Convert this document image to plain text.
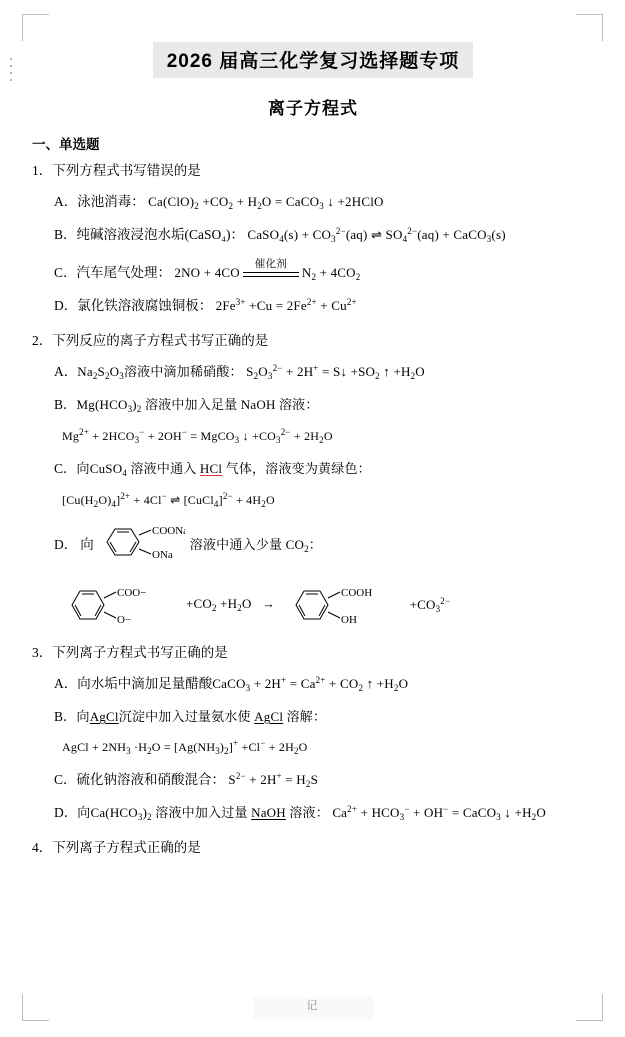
2026 届高三化学复习选择题专项
离子方程式
一、单选题
1．下列方程式书写错误的是
A．泳池消毒： $Ca(ClO)_2 +CO_2 + H_2O$ = CaCO$_3$ ↓ +2HClO
B．纯碱溶液浸泡水垢(CaSO₄)： CaSO$_4$(s) + $CO_3^{2-}(aq)$ ⇌ $SO_4^{2-}(aq)$ + CaCO$_3$(s)
C．汽车尾气处理： 2NO + 4CO
催化剂
$N_2 + 4CO_2$
D．氯化铁溶液腐蚀铜板： $2Fe^{3+} +Cu = 2Fe^{2+} + Cu^{2+}$
2．下列反应的离子方程式书写正确的是
A．$Na_2S_2O_3$溶液中滴加稀硝酸： $S_2O_3^{2-} + 2H^+$ = S↓ $+SO_2$ ↑ $+H_2O$
B．$Mg(HCO_3)_2$ 溶液中加入足量 NaOH 溶液：
$Mg^{2+} + 2HCO_3^- + 2OH^-$ = MgCO$_3$ ↓ $+CO_3^{2-} + 2H_2O$
C．向CuSO$_4$ 溶液中通入 HCl 气体，溶液变为黄绿色：
$[Cu(H_2O)_4]^{2+} + 4Cl^-$ ⇌ [CuCl$_4$]$^{2-}$ + $4H_2O$
D． 向
COONa
ONa
溶液中通入少量 $CO_2$：
COO−
O−
$+CO_2 +H_2O$ →
COOH
OH
$+CO_3^{2-}$
3．下列离子方程式书写正确的是
A．向水垢中滴加足量醋酸CaCO$_3$ + $2H^+ = Ca^{2+} + CO_2$ ↑ $+H_2O$
B．向AgCl沉淀中加入过量氨水使 AgCl 溶解：
AgCl + $2NH_3 \cdot H_2O = [Ag(NH_3)_2]^+ +Cl^- + 2H_2O$
C．硫化钠溶液和硝酸混合： $S^{2-} + 2H^+ = H_2S$
D．向$Ca(HCO_3)_2$ 溶液中加入过量 NaOH 溶液： $Ca^{2+} + HCO_3^- + OH^-$ = CaCO$_3$ ↓ $+H_2O$
4．下列离子方程式正确的是
记
